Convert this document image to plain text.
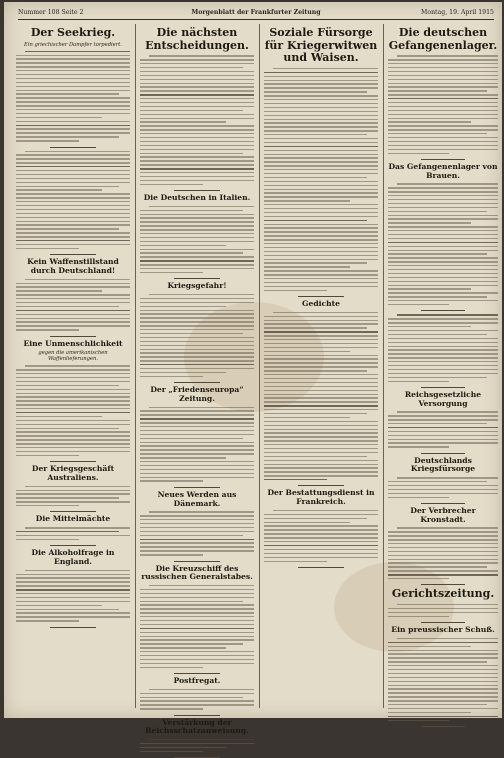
Nummer 108 Seite 2	Morgenblatt der Frankfurter Zeitung	Montag, 19. April 1915
Der Seekrieg.
Ein griechischer Dampfer torpediert.
Kein Waffenstillstand durch Deutschland!
Eine Unmenschlichkeit
gegen die amerikanischen Waffenlieferungen.
Der Kriegsgeschäft Australiens.
Die Mittelmächte
Die Alkoholfrage in England.
Die nächsten Entscheidungen.
Die Deutschen in Italien.
Kriegsgefahr!
Der „Friedenseuropa“ Zeitung.
Neues Werden aus Dänemark.
Die Kreuzschiff des russischen Generalstabes.
Postfregat.
Verstärkung der Reichsschatzanweisung.
Soziale Fürsorge für Kriegerwitwen und Waisen.
Gedichte
Der Bestattungsdienst in Frankreich.
Die deutschen Gefangenenlager.
Das Gefangenenlager von Brauen.
Reichsgesetzliche Versorgung
Deutschlands Kriegsfürsorge
Der Verbrecher Kronstadt.
Gerichtszeitung.
Ein preussischer Schuß.
